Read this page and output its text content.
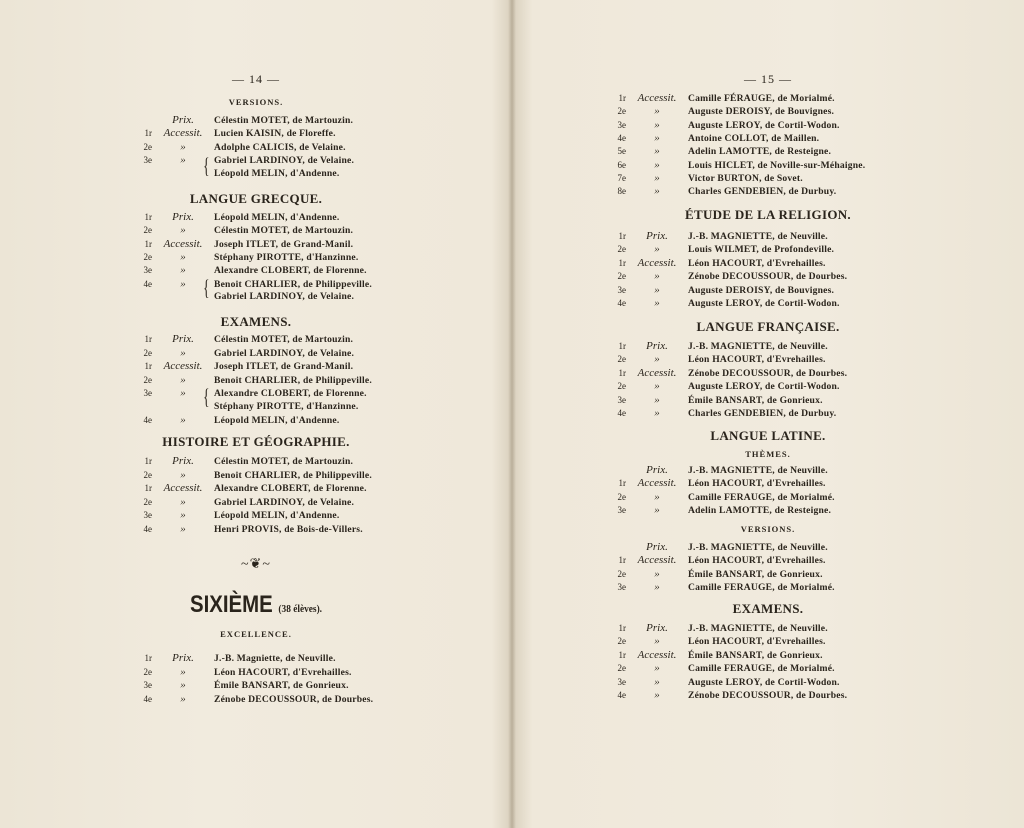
— 14 —
VERSIONS.
Prix.	Célestin MOTET, de Martouzin.
1r	Accessit.	Lucien KAISIN, de Floreffe.
2e	»	Adolphe CALICIS, de Velaine.
3e	»	Gabriel LARDINOY, de Velaine.
Léopold MELIN, d'Andenne.
LANGUE GRECQUE.
1r	Prix.	Léopold MELIN, d'Andenne.
2e	»	Célestin MOTET, de Martouzin.
1r	Accessit.	Joseph ITLET, de Grand-Manil.
2e	»	Stéphany PIROTTE, d'Hanzinne.
3e	»	Alexandre CLOBERT, de Florenne.
4e	»	Benoit CHARLIER, de Philippeville.
Gabriel LARDINOY, de Velaine.
EXAMENS.
1r	Prix.	Célestin MOTET, de Martouzin.
2e	»	Gabriel LARDINOY, de Velaine.
1r	Accessit.	Joseph ITLET, de Grand-Manil.
2e	»	Benoit CHARLIER, de Philippeville.
3e	»	Alexandre CLOBERT, de Florenne.
Stéphany PIROTTE, d'Hanzinne.
4e	»	Léopold MELIN, d'Andenne.
HISTOIRE ET GÉOGRAPHIE.
1r	Prix.	Célestin MOTET, de Martouzin.
2e	»	Benoit CHARLIER, de Philippeville.
1r	Accessit.	Alexandre CLOBERT, de Florenne.
2e	»	Gabriel LARDINOY, de Velaine.
3e	»	Léopold MELIN, d'Andenne.
4e	»	Henri PROVIS, de Bois-de-Villers.
~❦~
SIXIÈME (38 élèves).
EXCELLENCE.
1r	Prix.	J.-B. Magniette, de Neuville.
2e	»	Léon HACOURT, d'Evrehailles.
3e	»	Émile BANSART, de Gonrieux.
4e	»	Zénobe DECOUSSOUR, de Dourbes.
{
{
{
— 15 —
1r	Accessit.	Camille FÉRAUGE, de Morialmé.
2e	»	Auguste DEROISY, de Bouvignes.
3e	»	Auguste LEROY, de Cortil-Wodon.
4e	»	Antoine COLLOT, de Maillen.
5e	»	Adelin LAMOTTE, de Resteigne.
6e	»	Louis HICLET, de Noville-sur-Méhaigne.
7e	»	Victor BURTON, de Sovet.
8e	»	Charles GENDEBIEN, de Durbuy.
ÉTUDE DE LA RELIGION.
1r	Prix.	J.-B. MAGNIETTE, de Neuville.
2e	»	Louis WILMET, de Profondeville.
1r	Accessit.	Léon HACOURT, d'Evrehailles.
2e	»	Zénobe DECOUSSOUR, de Dourbes.
3e	»	Auguste DEROISY, de Bouvignes.
4e	»	Auguste LEROY, de Cortil-Wodon.
LANGUE FRANÇAISE.
1r	Prix.	J.-B. MAGNIETTE, de Neuville.
2e	»	Léon HACOURT, d'Evrehailles.
1r	Accessit.	Zénobe DECOUSSOUR, de Dourbes.
2e	»	Auguste LEROY, de Cortil-Wodon.
3e	»	Émile BANSART, de Gonrieux.
4e	»	Charles GENDEBIEN, de Durbuy.
LANGUE LATINE.
THÈMES.
Prix.	J.-B. MAGNIETTE, de Neuville.
1r	Accessit.	Léon HACOURT, d'Evrehailles.
2e	»	Camille FERAUGE, de Morialmé.
3e	»	Adelin LAMOTTE, de Resteigne.
VERSIONS.
Prix.	J.-B. MAGNIETTE, de Neuville.
1r	Accessit.	Léon HACOURT, d'Evrehailles.
2e	»	Émile BANSART, de Gonrieux.
3e	»	Camille FERAUGE, de Morialmé.
EXAMENS.
1r	Prix.	J.-B. MAGNIETTE, de Neuville.
2e	»	Léon HACOURT, d'Evrehailles.
1r	Accessit.	Émile BANSART, de Gonrieux.
2e	»	Camille FERAUGE, de Morialmé.
3e	»	Auguste LEROY, de Cortil-Wodon.
4e	»	Zénobe DECOUSSOUR, de Dourbes.
